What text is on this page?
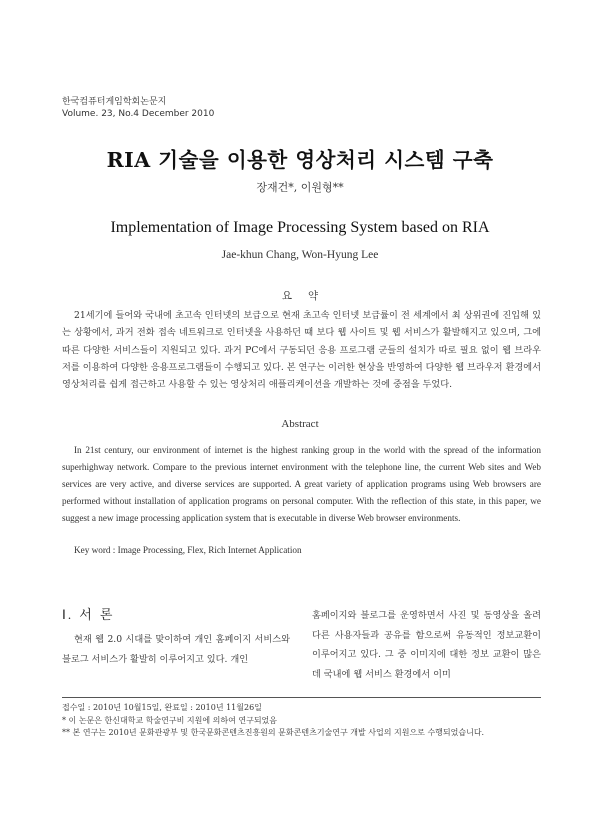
한국컴퓨터게임학회논문지
Volume. 23, No.4 December 2010
RIA 기술을 이용한 영상처리 시스템 구축
장재건*, 이원형**
Implementation of Image Processing System based on RIA
Jae-khun Chang, Won-Hyung Lee
요약
21세기에 들어와 국내에 초고속 인터넷의 보급으로 현재 초고속 인터넷 보급률이 전 세계에서 최 상위권에 진입해 있는 상황에서, 과거 전화 접속 네트워크로 인터넷을 사용하던 때 보다 웹 사이트 및 웹 서비스가 활발해지고 있으며, 그에 따른 다양한 서비스들이 지원되고 있다. 과거 PC에서 구동되던 응용 프로그램 군들의 설치가 따로 필요 없이 웹 브라우저를 이용하여 다양한 응용프로그램들이 수행되고 있다. 본 연구는 이러한 현상을 반영하여 다양한 웹 브라우저 환경에서 영상처리를 쉽게 접근하고 사용할 수 있는 영상처리 애플리케이션을 개발하는 것에 중점을 두었다.
Abstract
In 21st century, our environment of internet is the highest ranking group in the world with the spread of the information superhighway network. Compare to the previous internet environment with the telephone line, the current Web sites and Web services are very active, and diverse services are supported. A great variety of application programs using Web browsers are performed without installation of application programs on personal computer. With the reflection of this state, in this paper, we suggest a new image processing application system that is executable in diverse Web browser environments.
Key word : Image Processing, Flex, Rich Internet Application
Ⅰ. 서 론

현재 웹 2.0 시대를 맞이하여 개인 홈페이지 서비스와 블로그 서비스가 활발히 이루어지고 있다. 개인

홈페이지와 블로그를 운영하면서 사진 및 동영상을 올려 다른 사용자들과 공유를 함으로써 유동적인 정보교환이 이루어지고 있다. 그 중 이미지에 대한 정보 교환이 많은데 국내에 웹 서비스 환경에서 이미

접수일 : 2010년 10월15일, 완료일 : 2010년 11월26일
* 이 논문은 한신대학교 학술연구비 지원에 의하여 연구되었음
** 본 연구는 2010년 문화관광부 및 한국문화콘텐츠진흥원의 문화콘텐츠기술연구 개발 사업의 지원으로 수행되었습니다.
